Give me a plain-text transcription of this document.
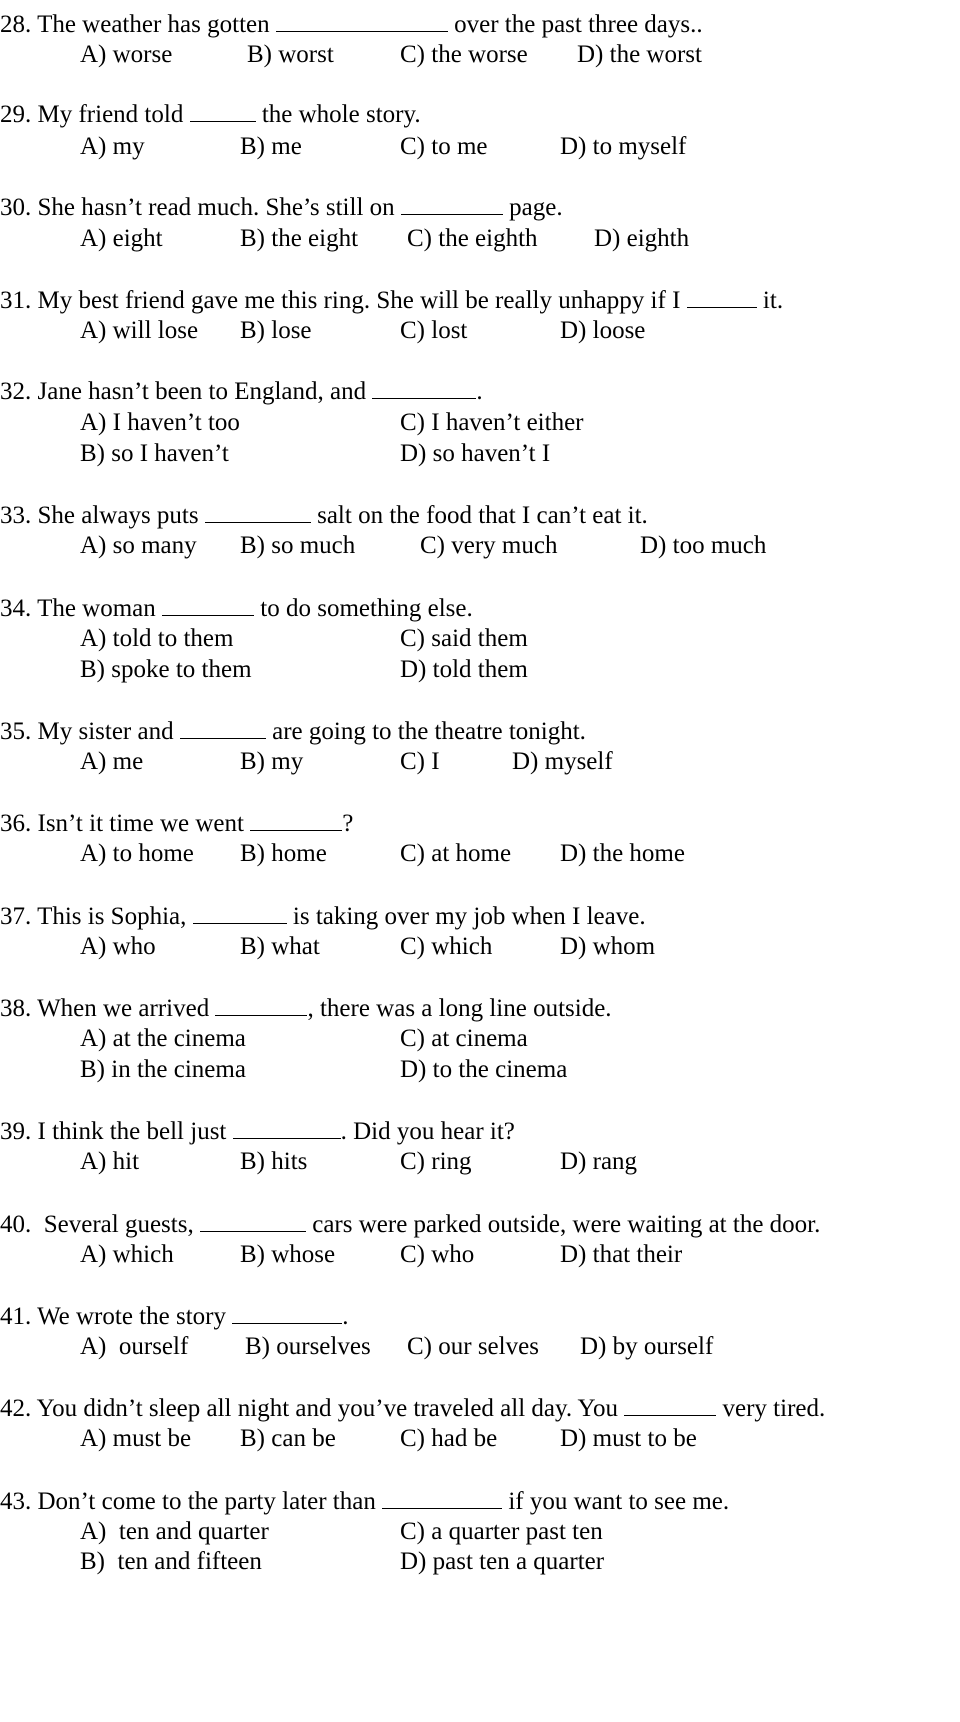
28. The weather has gotten	over the past three days..
A) worse	B) worst	C) the worse D) the worst
29. My friend told	the whole story.
A) my	B) me	C) to me	D) to myself
30. She hasn’t read much. She’s still on	page.
A) eight	B) the eight C) the eighth D) eighth
31. My best friend gave me this ring. She will be really unhappy if I	it.
A) will lose B) lose	C) lost	D) loose
32. Jane hasn’t been to England, and	.
A) I haven’t too	C) I haven’t either
B) so I haven’t	D) so haven’t I
33. She always puts	salt on the food that I can’t eat it.
A) so many B) so much	C) very much	D) too much
34. The woman	to do something else.
A) told to them	C) said them
B) spoke to them	D) told them
35. My sister and	are going to the theatre tonight.
A) me	B) my	C) I	D) myself
36. Isn’t it time we went	?
A) to home B) home	C) at home D) the home
37. This is Sophia,	is taking over my job when I leave.
A) who	B) what	C) which	D) whom
38. When we arrived	, there was a long line outside.
A) at the cinema	C) at cinema
B) in the cinema	D) to the cinema
39. I think the bell just	. Did you hear it?
A) hit	B) hits	C) ring	D) rang
40.  Several guests,	cars were parked outside, were waiting at the door.
A) which	B) whose	C) who	D) that their
41. We wrote the story	.
A)  ourself B) ourselves C) our selves D) by ourself
42. You didn’t sleep all night and you’ve traveled all day. You	very tired.
A) must be B) can be	C) had be	D) must to be
43. Don’t come to the party later than	if you want to see me.
A)  ten and quarter	C) a quarter past ten
B)  ten and fifteen	D) past ten a quarter
